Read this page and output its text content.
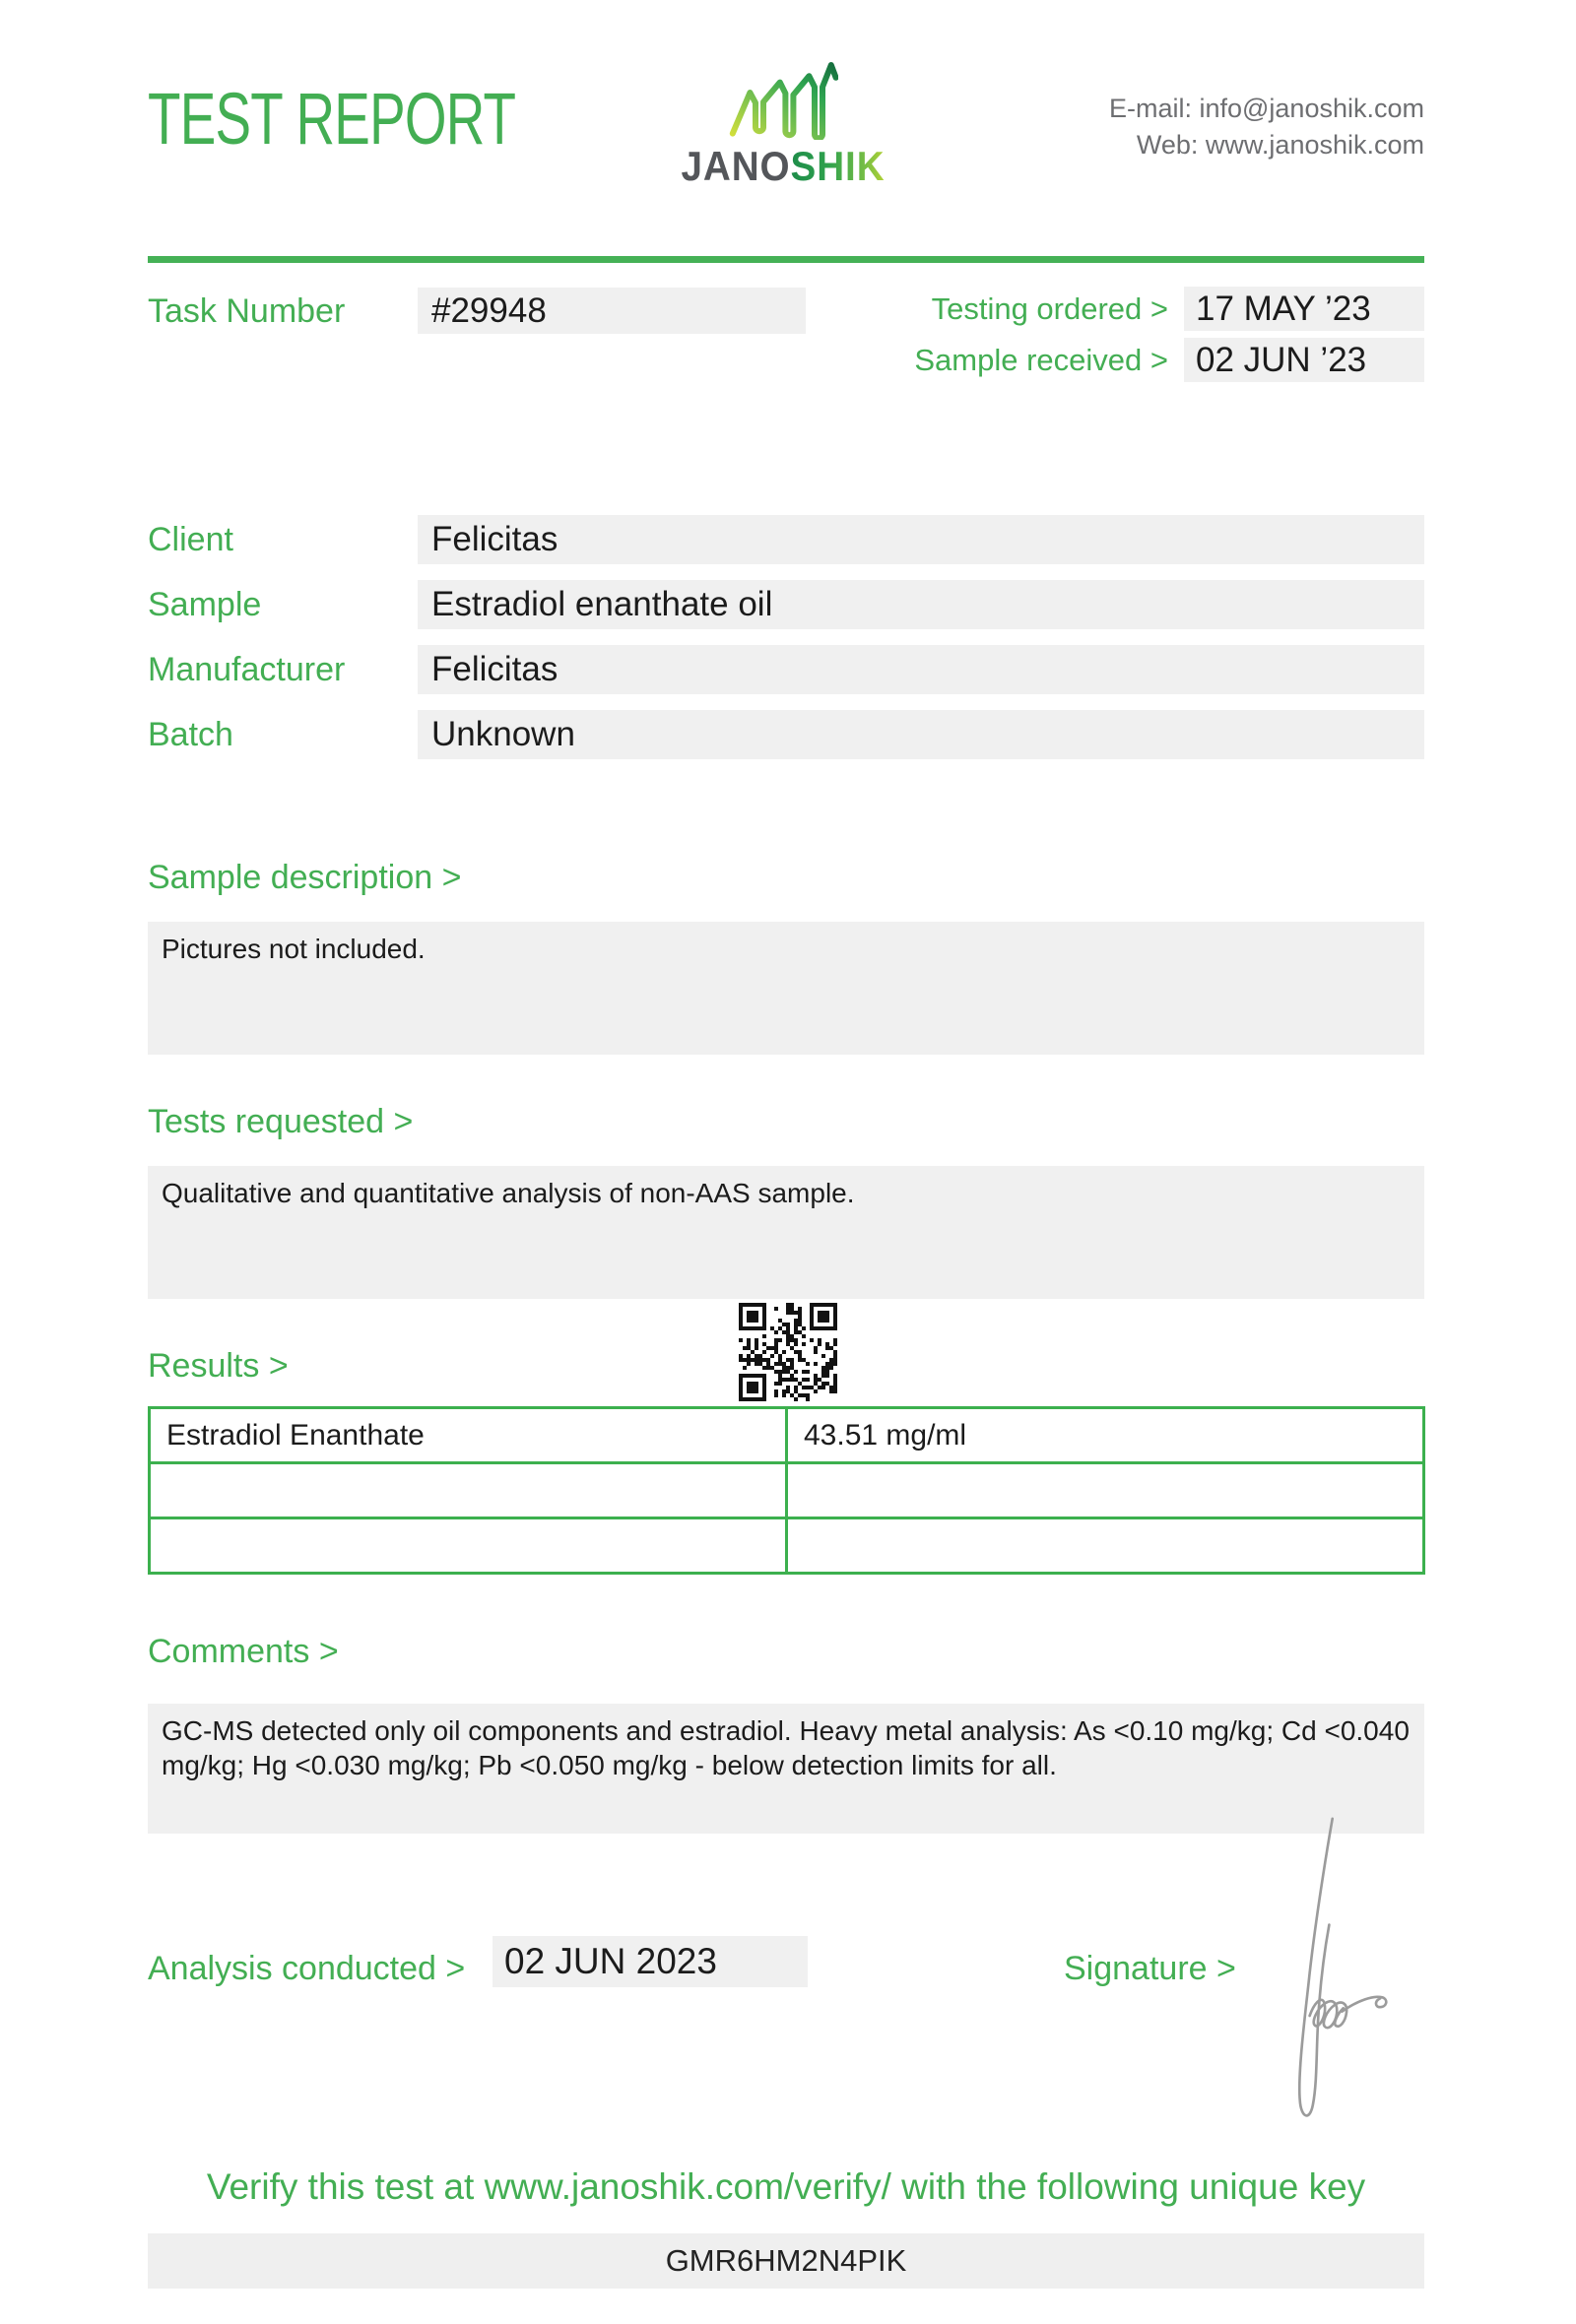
TEST REPORT
JANOSHIK
E-mail: info@janoshik.com
Web: www.janoshik.com
Task Number	#29948	Testing ordered > 17 MAY ’23
Sample received > 02 JUN ’23
Client	Felicitas
Sample	Estradiol enanthate oil
Manufacturer	Felicitas
Batch	Unknown
Sample description >
Pictures not included.
Tests requested >
Qualitative and quantitative analysis of non-AAS sample.
Results >
Estradiol Enanthate	43.51 mg/ml
Comments >
GC-MS detected only oil components and estradiol. Heavy metal analysis: As <0.10 mg/kg; Cd <0.040 mg/kg; Hg <0.030 mg/kg; Pb <0.050 mg/kg - below detection limits for all.
Analysis conducted >	02 JUN 2023	Signature >
Verify this test at www.janoshik.com/verify/ with the following unique key
GMR6HM2N4PIK
